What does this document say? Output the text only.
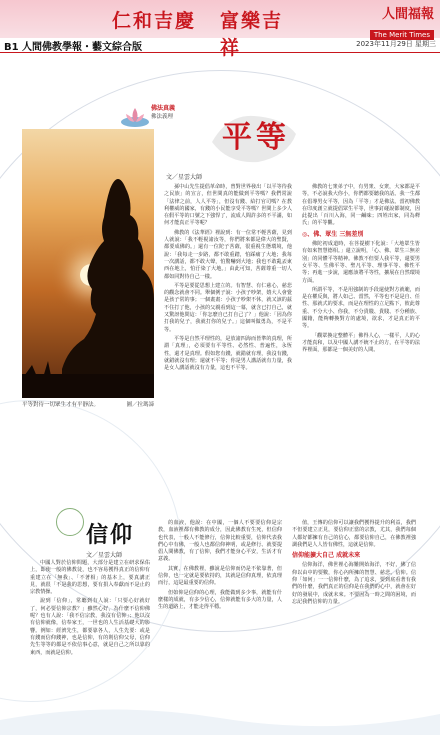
仁和吉慶 富樂吉祥
人間福報
The Merit Times
B1 人間佛教學報・藝文綜合版	2023年11月29日 星期三
平等對待一切眾生才有平靜法。	圖／拉瑪諦
佛法真義
佛法義理
平等
文／星雲大師

孫中山先生提倡革命時，曾對世界發出「以平等待我之民族」的宣言，但世間真的能做到平等嗎？我們常說「法律之前，人人平等」，但沒有錢、給打官司嗎？在教利權威的國家，有錢的小民能享受平等嗎？世間上多少人在假平等的口號之下強悍了，流成人間許多的不平滿，如何才能真正平等呢？

佛教的《法華經》裡說到：有一位常不輕菩薩，見到人就說：「我不輕視諸汝等，你們將來都是偉大的聖賢，都要成佛的。」還有一位陀子菩薩，很重視生態環境，他說：「我每走一步路，都不敢重踏，怕踩痛了大地；我每一次講話，都不敢大聲，怕驚嚇到大地；我也不敢亂丟東西在地上，怕汙染了大地。」由此可知，菩薩尊重一切人都如同對待自己一樣。

平等是要從思想上建立的。有智慧、有仁慈心，慈悲的觀念就會不同。舉個例子說：小孩子吵架，嬉大人會覺是孩子常的事；一個畫畫：小孩子吵架不休，就又該的茲不住打了他，小孩的父親看到這一幕，就含已打自己，就又驚訝他問這：「你怎麼自已打自己了？」他說：「因為你打我的兒子，我就打你的兒子。」這個叫做勇為，不是平等。

平等是自然平理性的，是放諸四海而皆準的真理，所謂「真理」，必須要有平等性、必然性、普遍性，永恆性，還才是真理。假如您有錢，就錯就有理，我沒有錢，就錯就沒有理；還就不平等；你是男人講話就有力量，我是女人講話就沒有力量，這也不平等。

佛教的七衆弟子中，有男衆、女衆，大家都是平等，不必說我大你小，你們都要聽我的話。我一生都在倡導男女平等，因為「平等」才是佛法。當初佛教在印度創立就提倡眾生平等，世事釘碰說都制度，因此提出「百川入海，同一鹹味；四姓出家，同為釋氏」的平等觀。

◎、佛、眾生 三無差別

佛陀初成道時，在菩提樹下化說：「大地眾生皆有如來智慧德相。」還立說明，「心、佛、眾生三無差別」的同體平等精神。佛教不但要人我平等，還要男女平等、生佛平等、聖凡平等、理事平等、佛性平等；再進一步說，還應該將平等性，擴展在自然環境方面。

所謂平等，不是用強制的手段還使對方就範，而是在權反與，將人如己、當然，平等也不是是自、任性、那就式的要求，而是在理性的立足點下，彼此尊重、不分大小、你我，不分貴賤、貴賤、不分種族、國籍，能夠轉換對方的處境，欲求，才是真正的平等。

「觀眾換定整體平」佛得人心，一樣平，人的心才能真和，以及中國人講不統不止的方，在平等的法界裡面，那都是一個美好的人間。

信仰
文／星雲大師

中國人對於信仰問題，大部分是建立在研求保佑上，即使一般的佛教徒，也不容易獲得真正的信仰有重建立在「無我」、「不著相」的基本上，要真講正見，就很「不是我的思想，要有捐入奉獻而不是止的宗教情操。

說到「信仰」，常聽到有人說：「只要心好就好了，何必要信仰宗教？」雖然心好，為什麼不信仰佛呢？也有人說：「我不信宗教，我沒有信仰」；他以沒有信仰就像，信奉家王，一世也的人生活基礎大的影響。例如：經濟先生，都要靠各人，人生先要：或是有錢而信仰錢神，也是信仰，有的則信仰父母，信仰先生等等的都是不依信事心意，就是自己之所以靠的東西，而就是信仰。

的血液，他說：在中國，一個人不要要信仰是宗教，血液裡都有佛教的成分，因此佛教有生死，但信仰也代表，一般人不能修行，信仰比較重要，信仰代表我們心中有佛，一般人也都信仰神明，或是修行、就要提倡人間佛教，有了信仰，我們才能身心平安，生活才有意義。

其實，在佛教裡，雖說是信仰而仍是不依靠著，但信仰，也一定就是要依持的，其就是信仰真理，依真理而行，這是最重要的信仰。

但如仰是信仰的心理，我能做到多少事，就能有什麼樣的成就，有多少信心，信仰就能有多大的力量，人生的道路上，才能走得平穩。

值，王傳的信仰可以讓我們獲得提升的利益，我們不但要建立正見，要信仰正當的宗教，尤其，我們每個人都好都擁有自己的信心，都要信仰自己，在佛教裡強調我們是人人皆有佛性，這就是信仰。

信仰能擴大自己 成就未來

信仰海洋，佛世裡心海難開始海洋，不好，佛了信仰以由中的要數，你心內所擁的智慧、慈悲、信仰。信仰「如何」一一信仰什麼，為了追求，要到底看著有我們的什麼，我們真正的信仰是在我們的心中，就會在好好的發展中，成就未來。不要因為一時之間的困境，而忘記我們信仰的力量。
